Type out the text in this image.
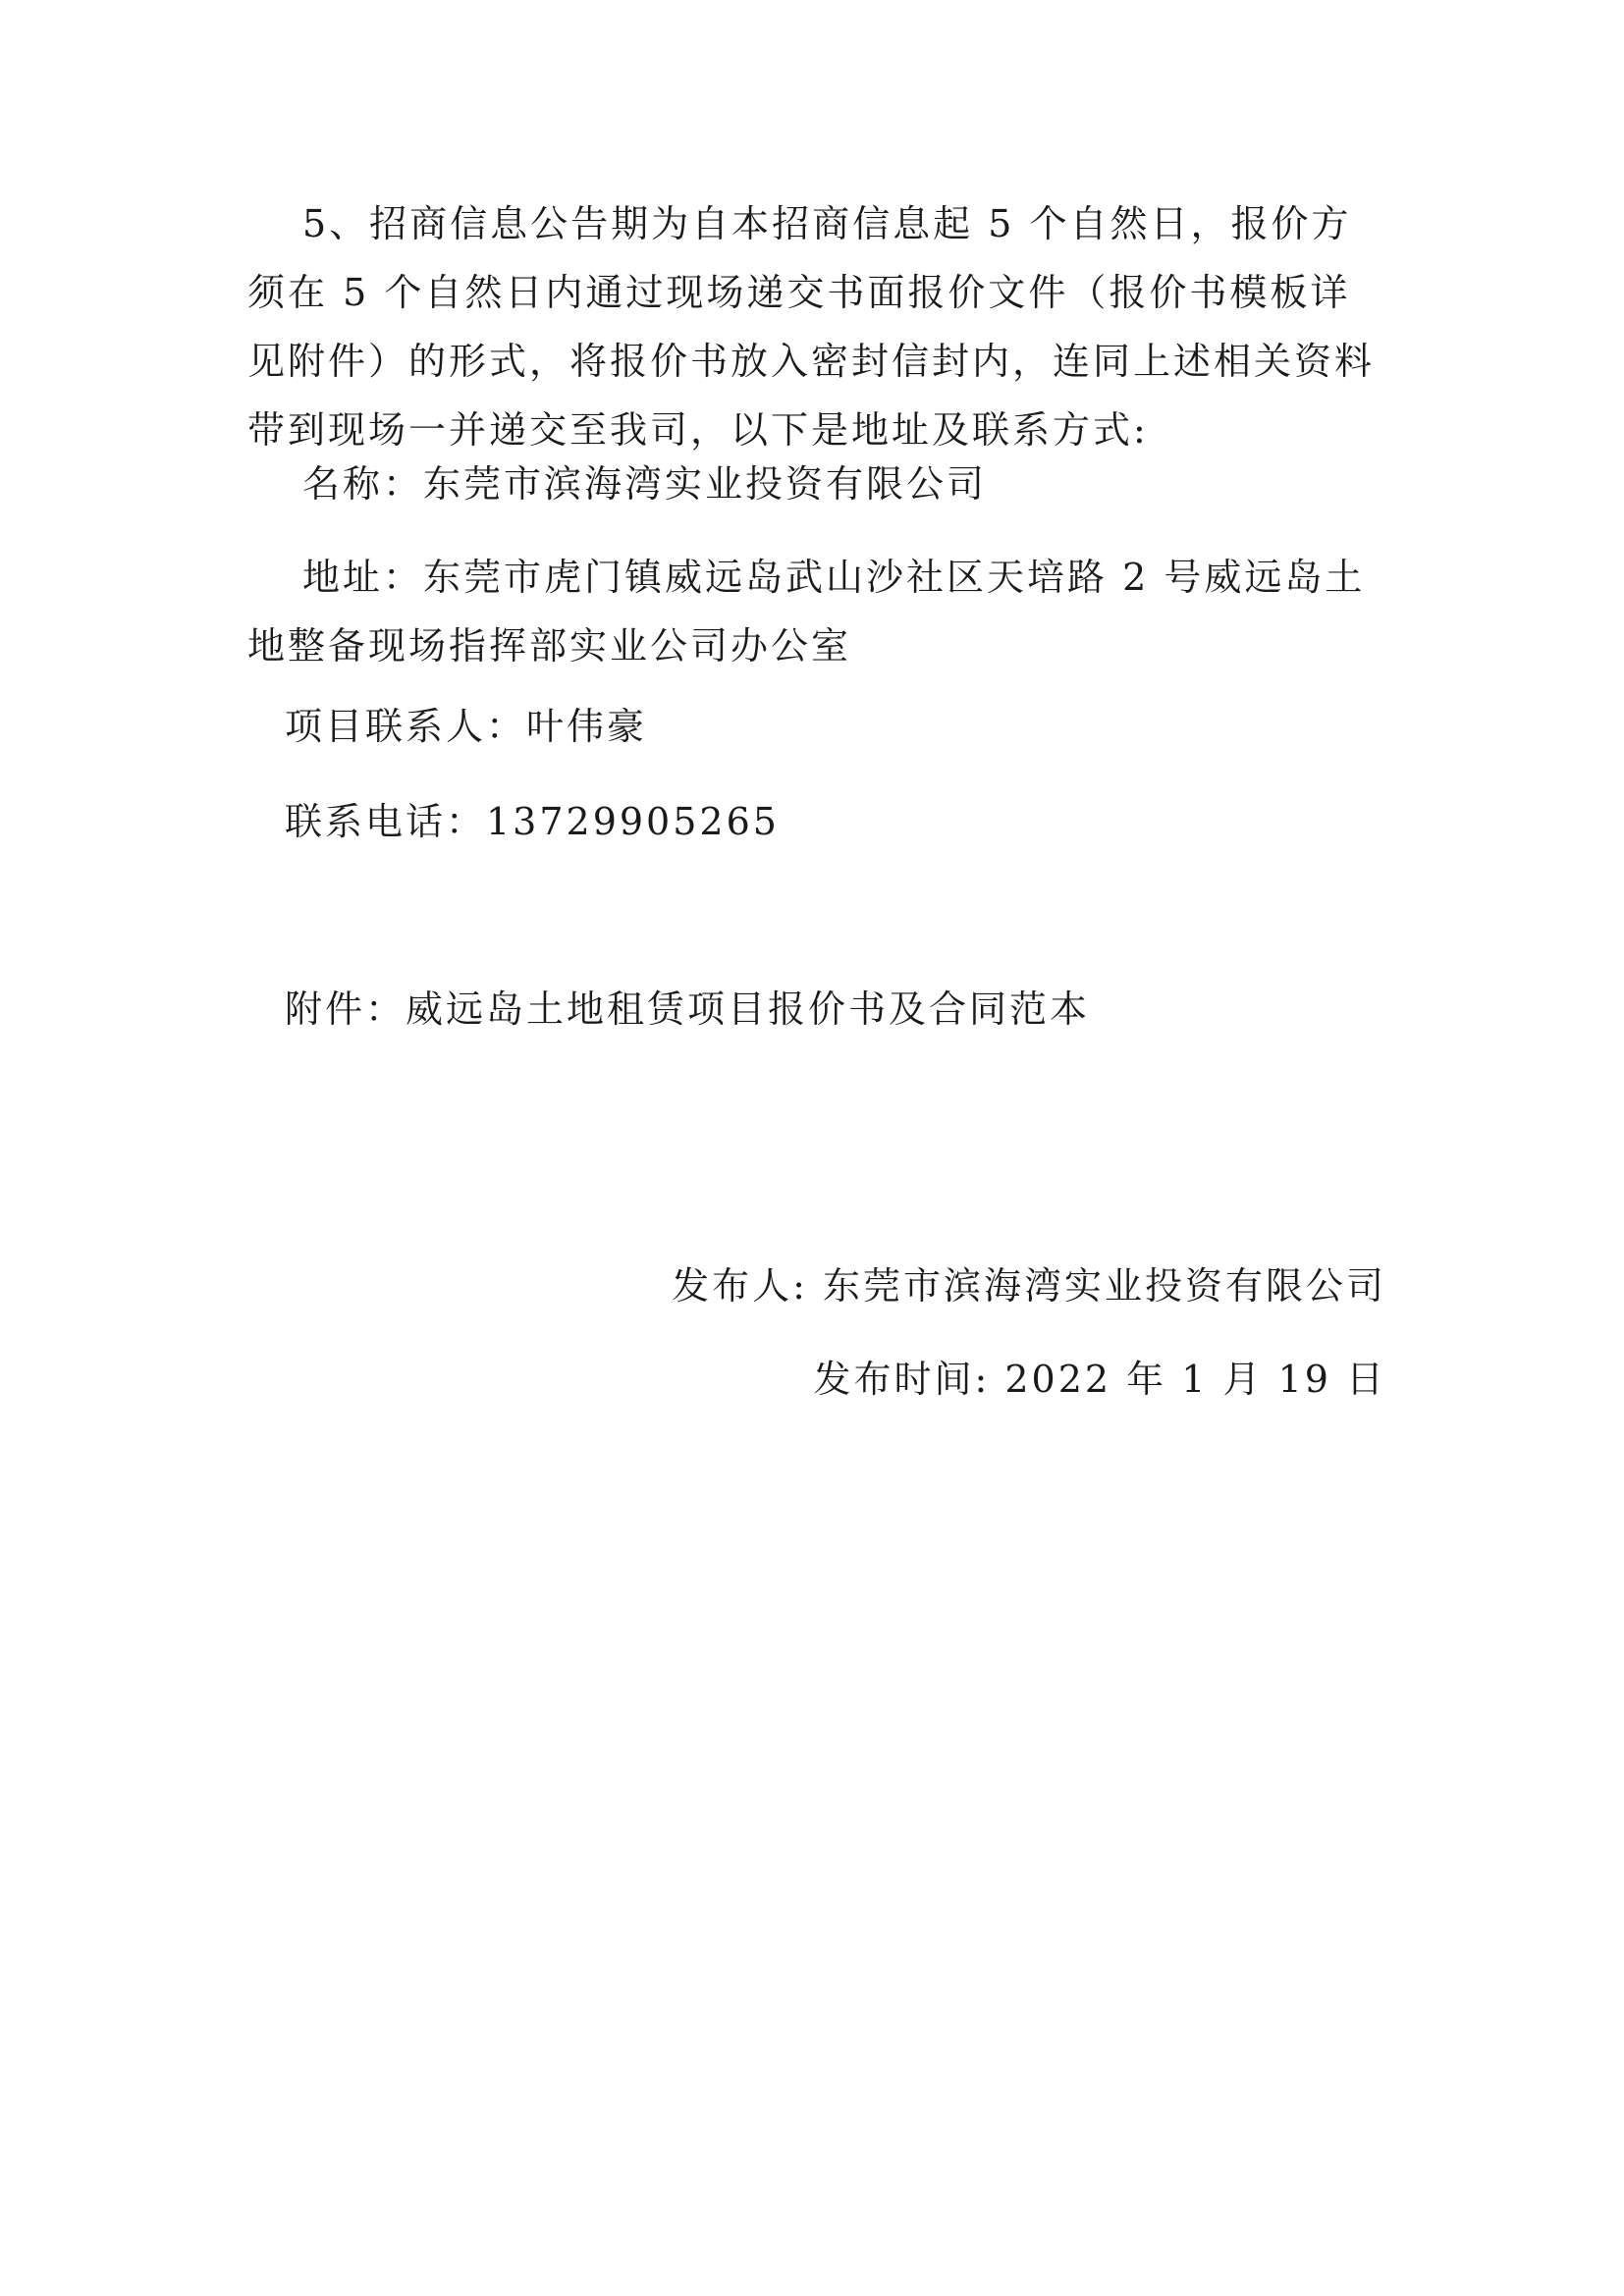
5、招商信息公告期为自本招商信息起 5 个自然日，报价方须在 5 个自然日内通过现场递交书面报价文件（报价书模板详见附件）的形式，将报价书放入密封信封内，连同上述相关资料带到现场一并递交至我司，以下是地址及联系方式:

名称：东莞市滨海湾实业投资有限公司

地址：东莞市虎门镇威远岛武山沙社区天培路 2 号威远岛土地整备现场指挥部实业公司办公室

项目联系人：叶伟豪

联系电话：13729905265

附件：威远岛土地租赁项目报价书及合同范本

发布人: 东莞市滨海湾实业投资有限公司

发布时间: 2022 年 1 月 19 日
